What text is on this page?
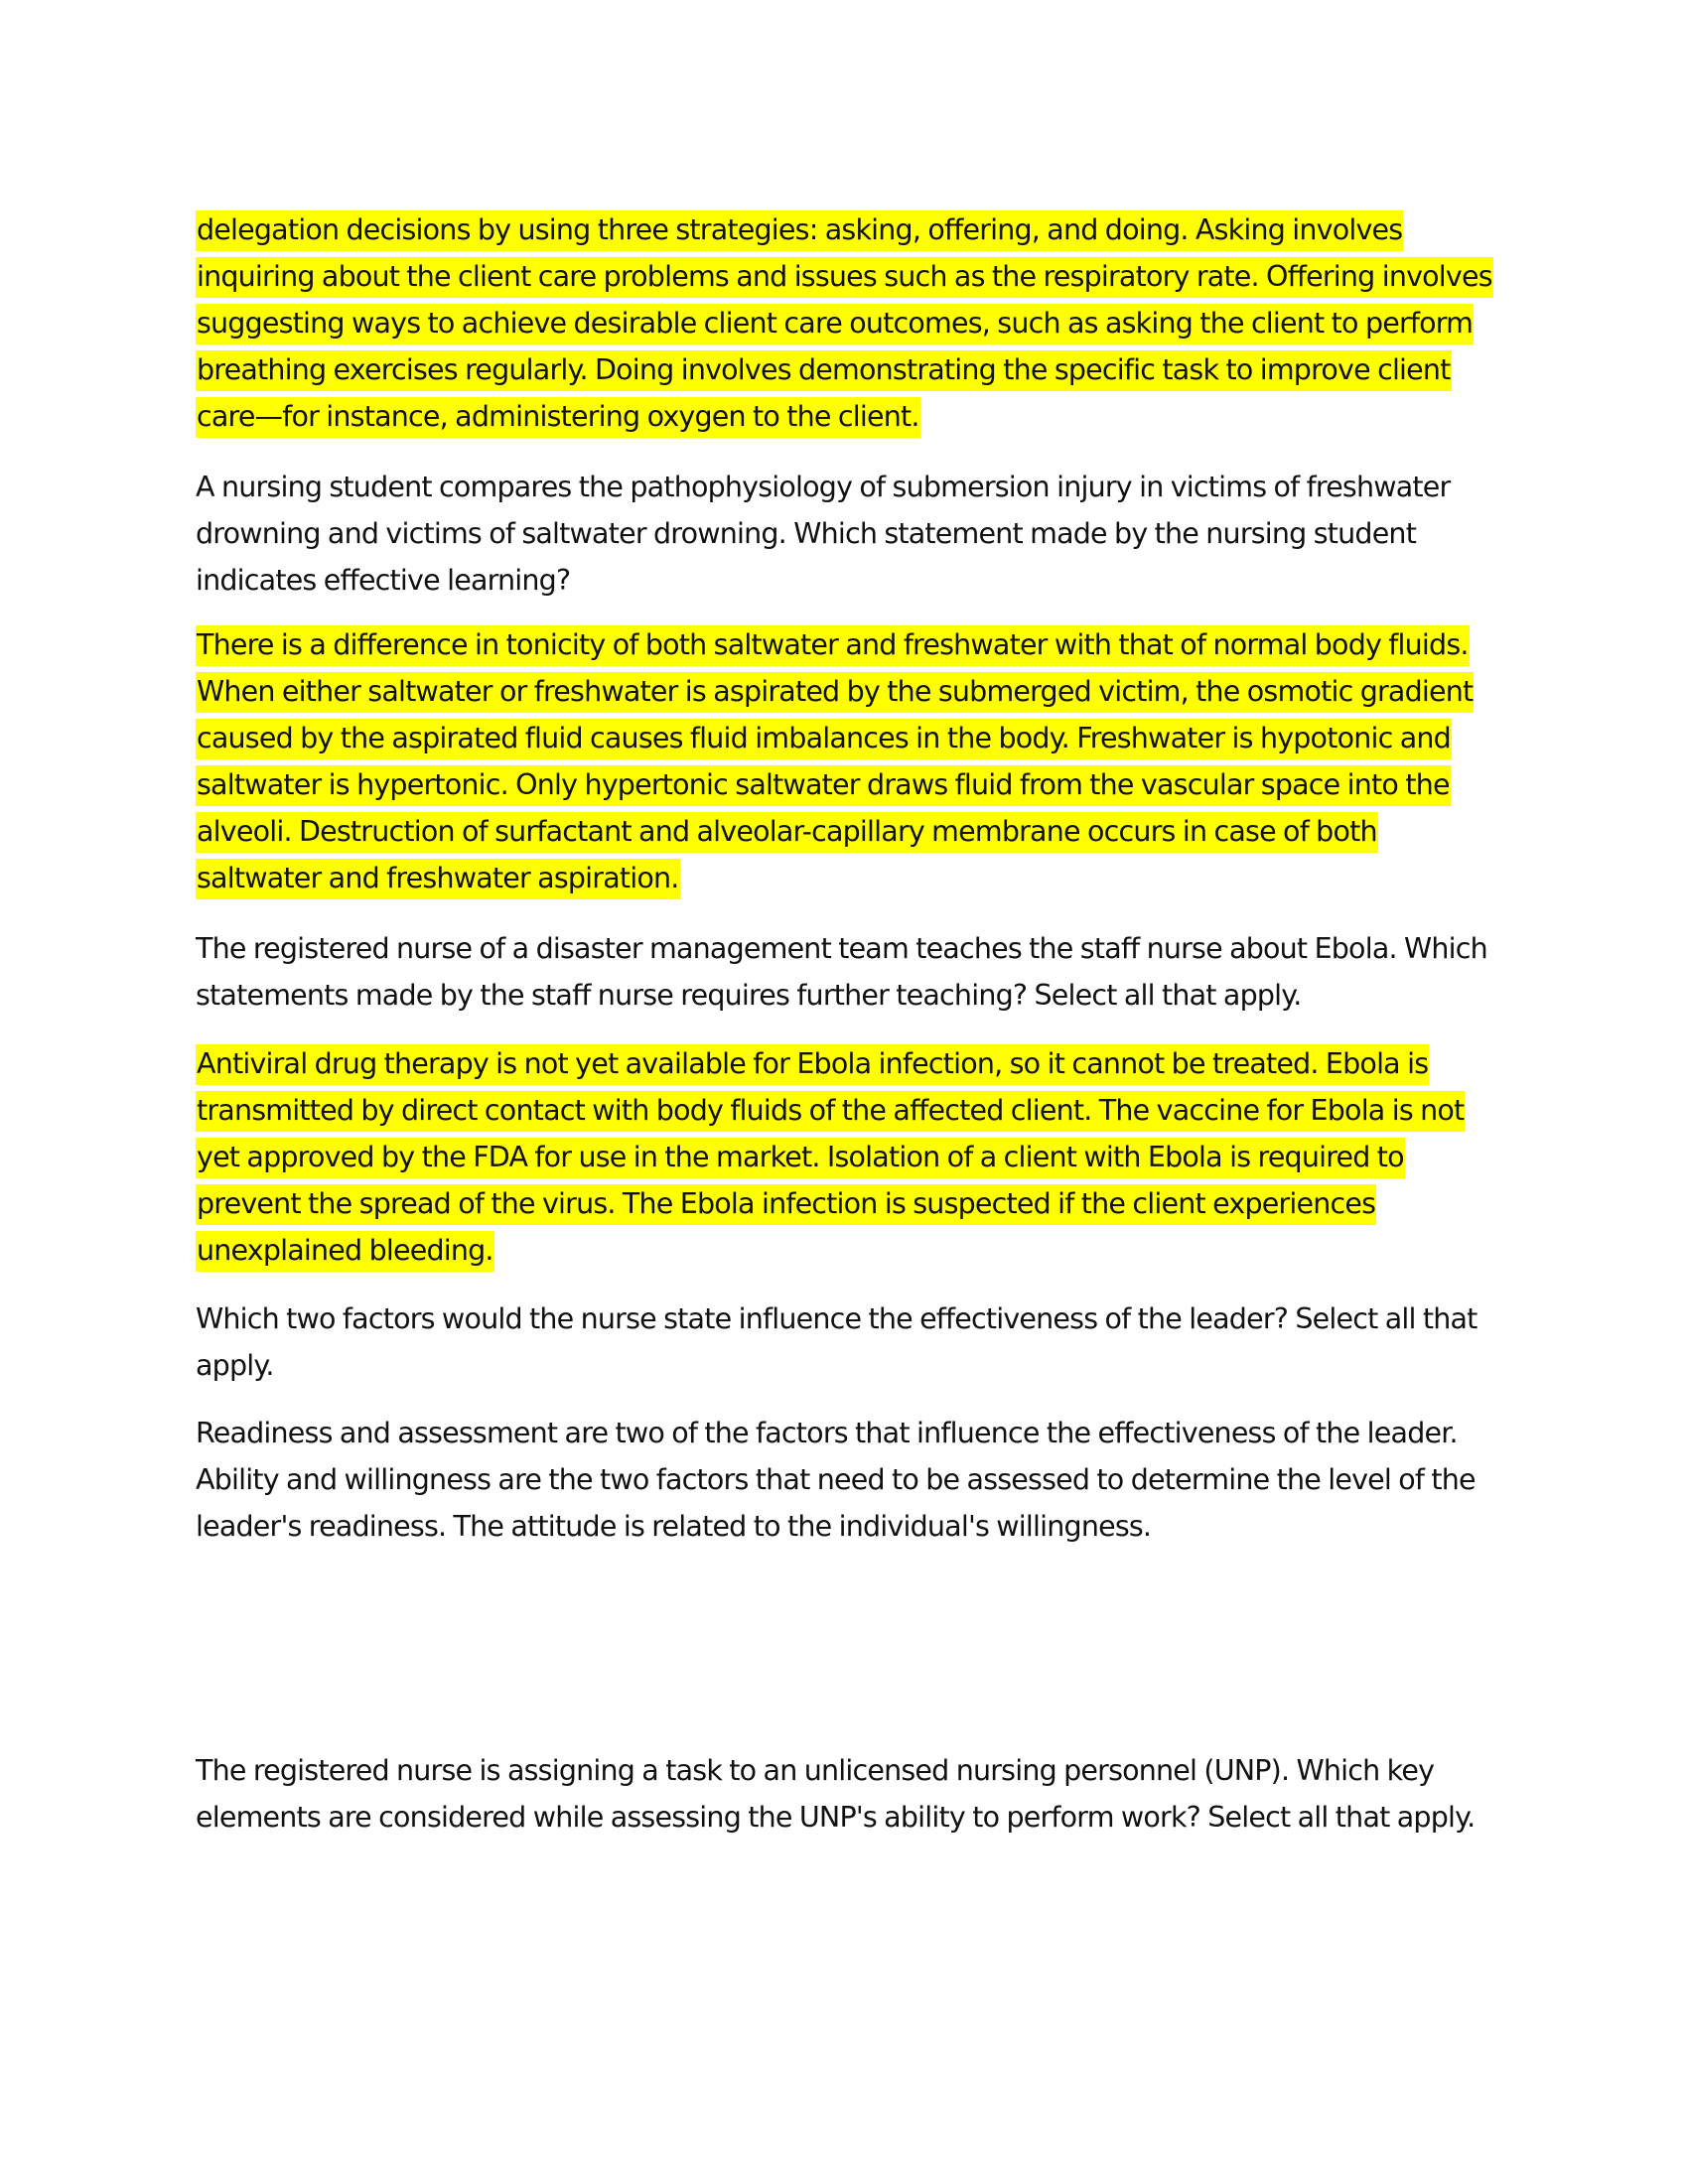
delegation decisions by using three strategies: asking, offering, and doing. Asking involves inquiring about the client care problems and issues such as the respiratory rate. Offering involves suggesting ways to achieve desirable client care outcomes, such as asking the client to perform breathing exercises regularly. Doing involves demonstrating the specific task to improve client care—for instance, administering oxygen to the client.

A nursing student compares the pathophysiology of submersion injury in victims of freshwater drowning and victims of saltwater drowning. Which statement made by the nursing student indicates effective learning?

There is a difference in tonicity of both saltwater and freshwater with that of normal body fluids. When either saltwater or freshwater is aspirated by the submerged victim, the osmotic gradient caused by the aspirated fluid causes fluid imbalances in the body. Freshwater is hypotonic and saltwater is hypertonic. Only hypertonic saltwater draws fluid from the vascular space into the alveoli. Destruction of surfactant and alveolar-capillary membrane occurs in case of both saltwater and freshwater aspiration.

The registered nurse of a disaster management team teaches the staff nurse about Ebola. Which statements made by the staff nurse requires further teaching? Select all that apply.

Antiviral drug therapy is not yet available for Ebola infection, so it cannot be treated. Ebola is transmitted by direct contact with body fluids of the affected client. The vaccine for Ebola is not yet approved by the FDA for use in the market. Isolation of a client with Ebola is required to prevent the spread of the virus. The Ebola infection is suspected if the client experiences unexplained bleeding.

Which two factors would the nurse state influence the effectiveness of the leader? Select all that apply.

Readiness and assessment are two of the factors that influence the effectiveness of the leader. Ability and willingness are the two factors that need to be assessed to determine the level of the leader's readiness. The attitude is related to the individual's willingness.

The registered nurse is assigning a task to an unlicensed nursing personnel (UNP). Which key elements are considered while assessing the UNP's ability to perform work? Select all that apply.
